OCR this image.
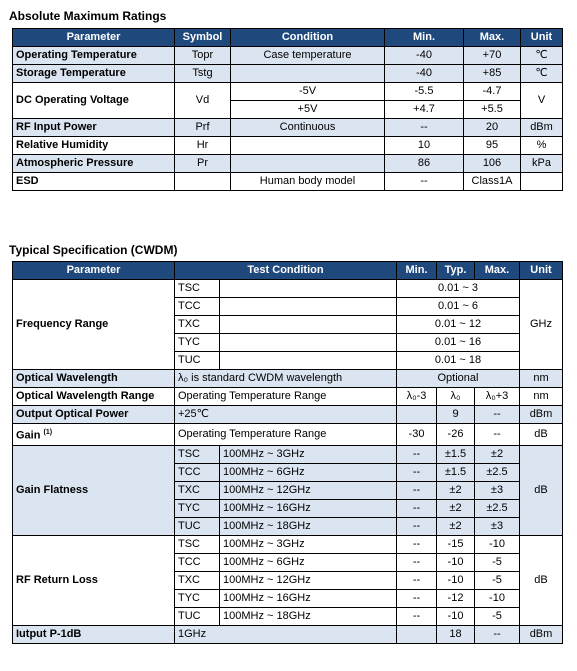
Absolute Maximum Ratings
Parameter	Symbol	Condition	Min.	Max.	Unit
Operating Temperature	Topr	Case temperature	-40	+70	℃
Storage Temperature	Tstg		-40	+85	℃
DC Operating Voltage	Vd	-5V	-5.5	-4.7	V
		+5V	+4.7	+5.5	
RF Input Power	Prf	Continuous	--	20	dBm
Relative Humidity	Hr		10	95	%
Atmospheric Pressure	Pr		86	106	kPa
ESD		Human body model	--	Class1A	
Typical Specification (CWDM)
Parameter	Test Condition		Min.	Typ.	Max.	Unit
Frequency Range	TSC		0.01 ~ 3			GHz
	TCC		0.01 ~ 6			
	TXC		0.01 ~ 12			
	TYC		0.01 ~ 16			
	TUC		0.01 ~ 18			
Optical Wavelength	λ₀ is standard CWDM wavelength		Optional			nm
Optical Wavelength Range	Operating Temperature Range		λ₀-3	λ₀	λ₀+3	nm
Output Optical Power	+25℃			9	--	dBm
Gain $^{(1)}$	Operating Temperature Range		-30	-26	--	dB
Gain Flatness	TSC	100MHz ~ 3GHz	--	±1.5	±2	dB
	TCC	100MHz ~ 6GHz	--	±1.5	±2.5	
	TXC	100MHz ~ 12GHz	--	±2	±3	
	TYC	100MHz ~ 16GHz	--	±2	±2.5	
	TUC	100MHz ~ 18GHz	--	±2	±3	
RF Return Loss	TSC	100MHz ~ 3GHz	--	-15	-10	dB
	TCC	100MHz ~ 6GHz	--	-10	-5	
	TXC	100MHz ~ 12GHz	--	-10	-5	
	TYC	100MHz ~ 16GHz	--	-12	-10	
	TUC	100MHz ~ 18GHz	--	-10	-5	
Iutput P-1dB	1GHz			18	--	dBm
